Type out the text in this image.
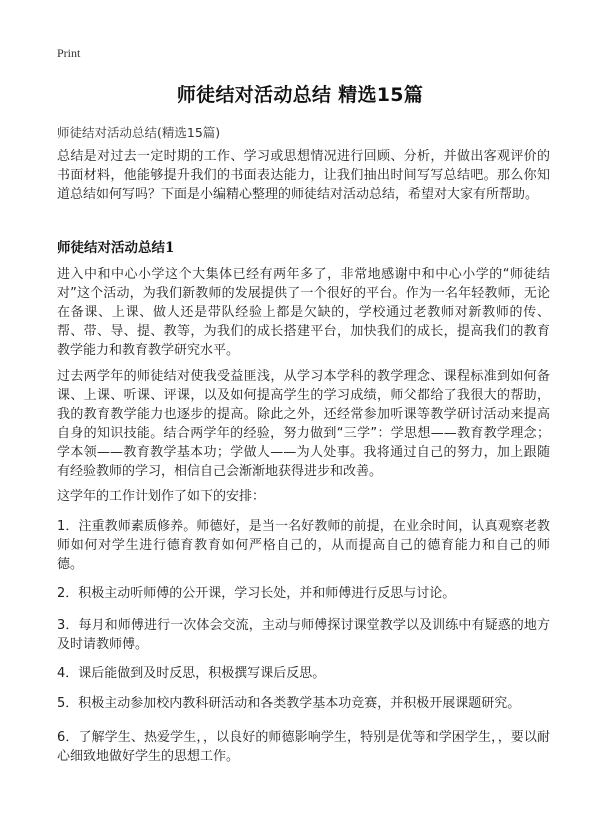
Print
师徒结对活动总结 精选15篇
师徒结对活动总结(精选15篇)
总结是对过去一定时期的工作、学习或思想情况进行回顾、分析，并做出客观评价的书面材料，他能够提升我们的书面表达能力，让我们抽出时间写写总结吧。那么你知道总结如何写吗？下面是小编精心整理的师徒结对活动总结，希望对大家有所帮助。
师徒结对活动总结1
进入中和中心小学这个大集体已经有两年多了，非常地感谢中和中心小学的“师徒结对”这个活动，为我们新教师的发展提供了一个很好的平台。作为一名年轻教师，无论在备课、上课、做人还是带队经验上都是欠缺的，学校通过老教师对新教师的传、帮、带、导、提、教等，为我们的成长搭建平台，加快我们的成长，提高我们的教育教学能力和教育教学研究水平。
过去两学年的师徒结对使我受益匪浅，从学习本学科的教学理念、课程标准到如何备课、上课、听课、评课，以及如何提高学生的学习成绩，师父都给了我很大的帮助，我的教育教学能力也逐步的提高。除此之外，还经常参加听课等教学研讨活动来提高自身的知识技能。结合两学年的经验，努力做到“三学”：学思想——教育教学理念；学本领——教育教学基本功；学做人——为人处事。我将通过自己的努力，加上跟随有经验教师的学习，相信自己会渐渐地获得进步和改善。
这学年的工作计划作了如下的安排：
1．注重教师素质修养。师德好，是当一名好教师的前提，在业余时间，认真观察老教师如何对学生进行德育教育如何严格自己的，从而提高自己的德育能力和自己的师德。
2．积极主动听师傅的公开课，学习长处，并和师傅进行反思与讨论。
3．每月和师傅进行一次体会交流，主动与师傅探讨课堂教学以及训练中有疑惑的地方及时请教师傅。
4．课后能做到及时反思，积极撰写课后反思。
5．积极主动参加校内教科研活动和各类教学基本功竞赛，并积极开展课题研究。
6．了解学生、热爱学生，，以良好的师德影响学生，特别是优等和学困学生，，要以耐心细致地做好学生的思想工作。
